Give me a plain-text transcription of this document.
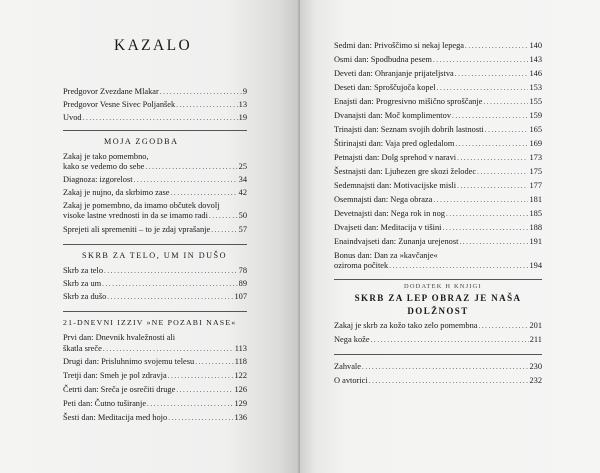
KAZALO
Predgovor Zvezdane Mlakar .....	9
Predgovor Vesne Sivec Poljanšek .....	13
Uvod .....	19
MOJA ZGODBA
Zakaj je tako pomembno,
kako se vedemo do sebe .....	25
Diagnoza: izgorelost .....	34
Zakaj je nujno, da skrbimo zase .....	42
Zakaj je pomembno, da imamo občutek dovolj
visoke lastne vrednosti in da se imamo radi .....	50
Sprejeti ali spremeniti – to je zdaj vprašanje .....	57
SKRB ZA TELO, UM IN DUŠO
Skrb za telo .....	78
Skrb za um .....	89
Skrb za dušo .....	107
21-DNEVNI IZZIV »NE POZABI NASE«
Prvi dan: Dnevnik hvaležnosti ali
škatla sreče .....	113
Drugi dan: Prisluhnimo svojemu telesu .....	118
Tretji dan: Smeh je pol zdravja .....	122
Četrti dan: Sreča je osrečiti druge .....	126
Peti dan: Čutno tuširanje .....	129
Šesti dan: Meditacija med hojo .....	136
Sedmi dan: Privoščimo si nekaj lepega .....	140
Osmi dan: Spodbudna pesem .....	143
Deveti dan: Ohranjanje prijateljstva .....	146
Deseti dan: Sproščujoča kopel .....	153
Enajsti dan: Progresivno mišično sproščanje .....	155
Dvanajsti dan: Moč komplimentov .....	159
Trinajsti dan: Seznam svojih dobrih lastnosti .....	165
Štirinajsti dan: Vaja pred ogledalom .....	169
Petnajsti dan: Dolg sprehod v naravi .....	173
Šestnajsti dan: Ljubezen gre skozi želodec .....	175
Sedemnajsti dan: Motivacijske misli .....	177
Osemnajsti dan: Nega obraza .....	181
Devetnajsti dan: Nega rok in nog .....	185
Dvajseti dan: Meditacija v tišini .....	188
Enaindvajseti dan: Zunanja urejenost .....	191
Bonus dan: Dan za »kavčanje«
oziroma počitek .....	194
DODATEK H KNJIGI
SKRB ZA LEP OBRAZ JE NAŠA
DOLŽNOST
Zakaj je skrb za kožo tako zelo pomembna .....	201
Nega kože .....	211
Zahvale .....	230
O avtorici .....	232
